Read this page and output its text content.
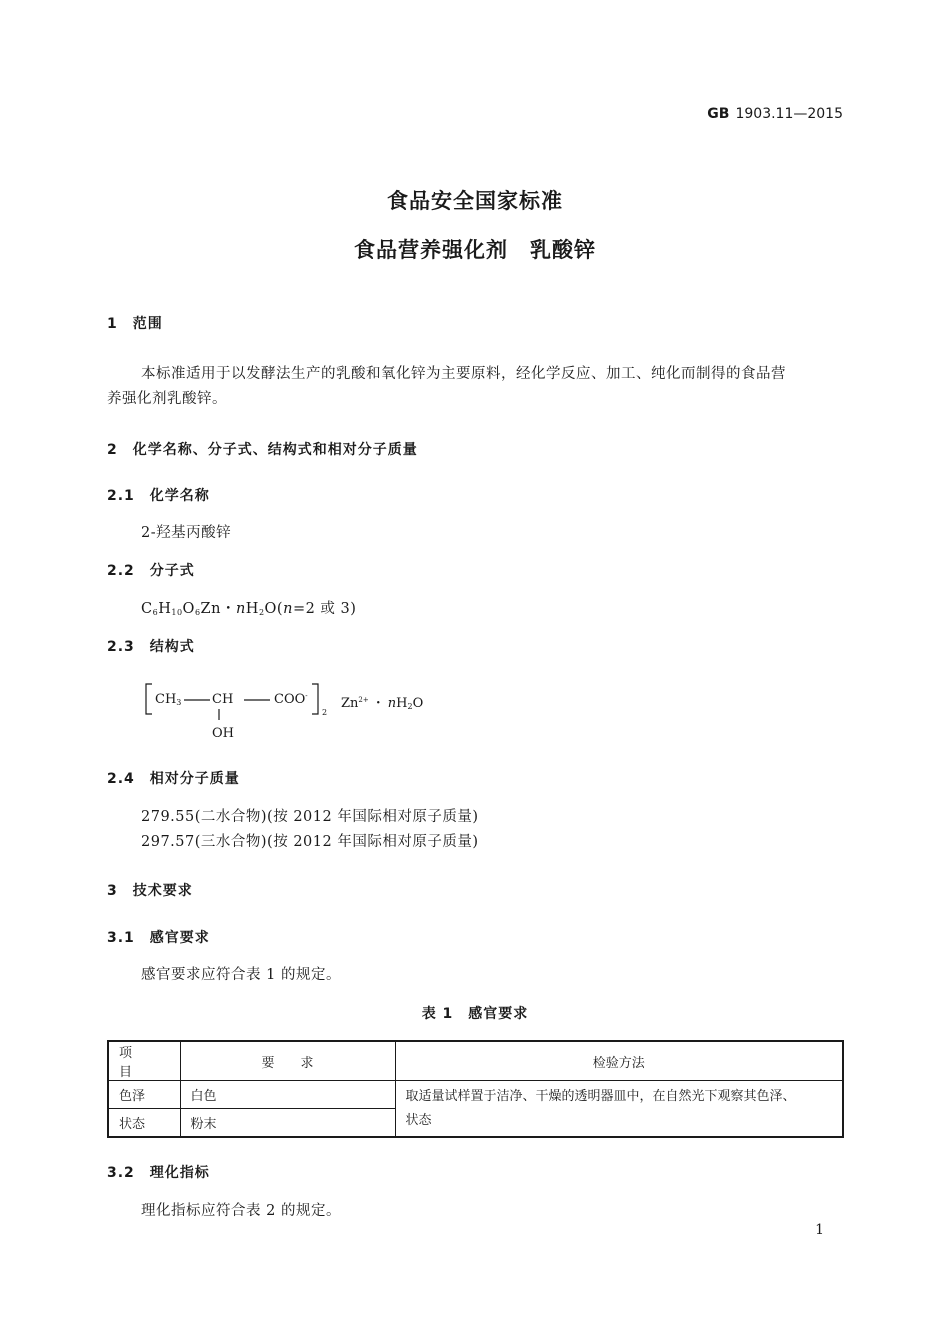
GB 1903.11—2015
食品安全国家标准
食品营养强化剂　乳酸锌
1　范围
本标准适用于以发酵法生产的乳酸和氧化锌为主要原料，经化学反应、加工、纯化而制得的食品营
养强化剂乳酸锌。
2　化学名称、分子式、结构式和相对分子质量
2.1　化学名称
2-羟基丙酸锌
2.2　分子式
$C_6H_{10}O_6Zn$・$nH_2O(n=2$ 或 3)
2.3　结构式
$CH_3$ CH	COO-
OH
2
$Zn^{2+}$ ・ $nH_2O$
2.4　相对分子质量
279.55(二水合物)(按 2012 年国际相对原子质量)
297.57(三水合物)(按 2012 年国际相对原子质量)
3　技术要求
3.1　感官要求
感官要求应符合表 1 的规定。
表 1　感官要求
项　　目	要　　求	检验方法
色泽	白色	取适量试样置于洁净、干燥的透明器皿中，在自然光下观察其色泽、
状态

状态	粉末	
3.2　理化指标
理化指标应符合表 2 的规定。
1
